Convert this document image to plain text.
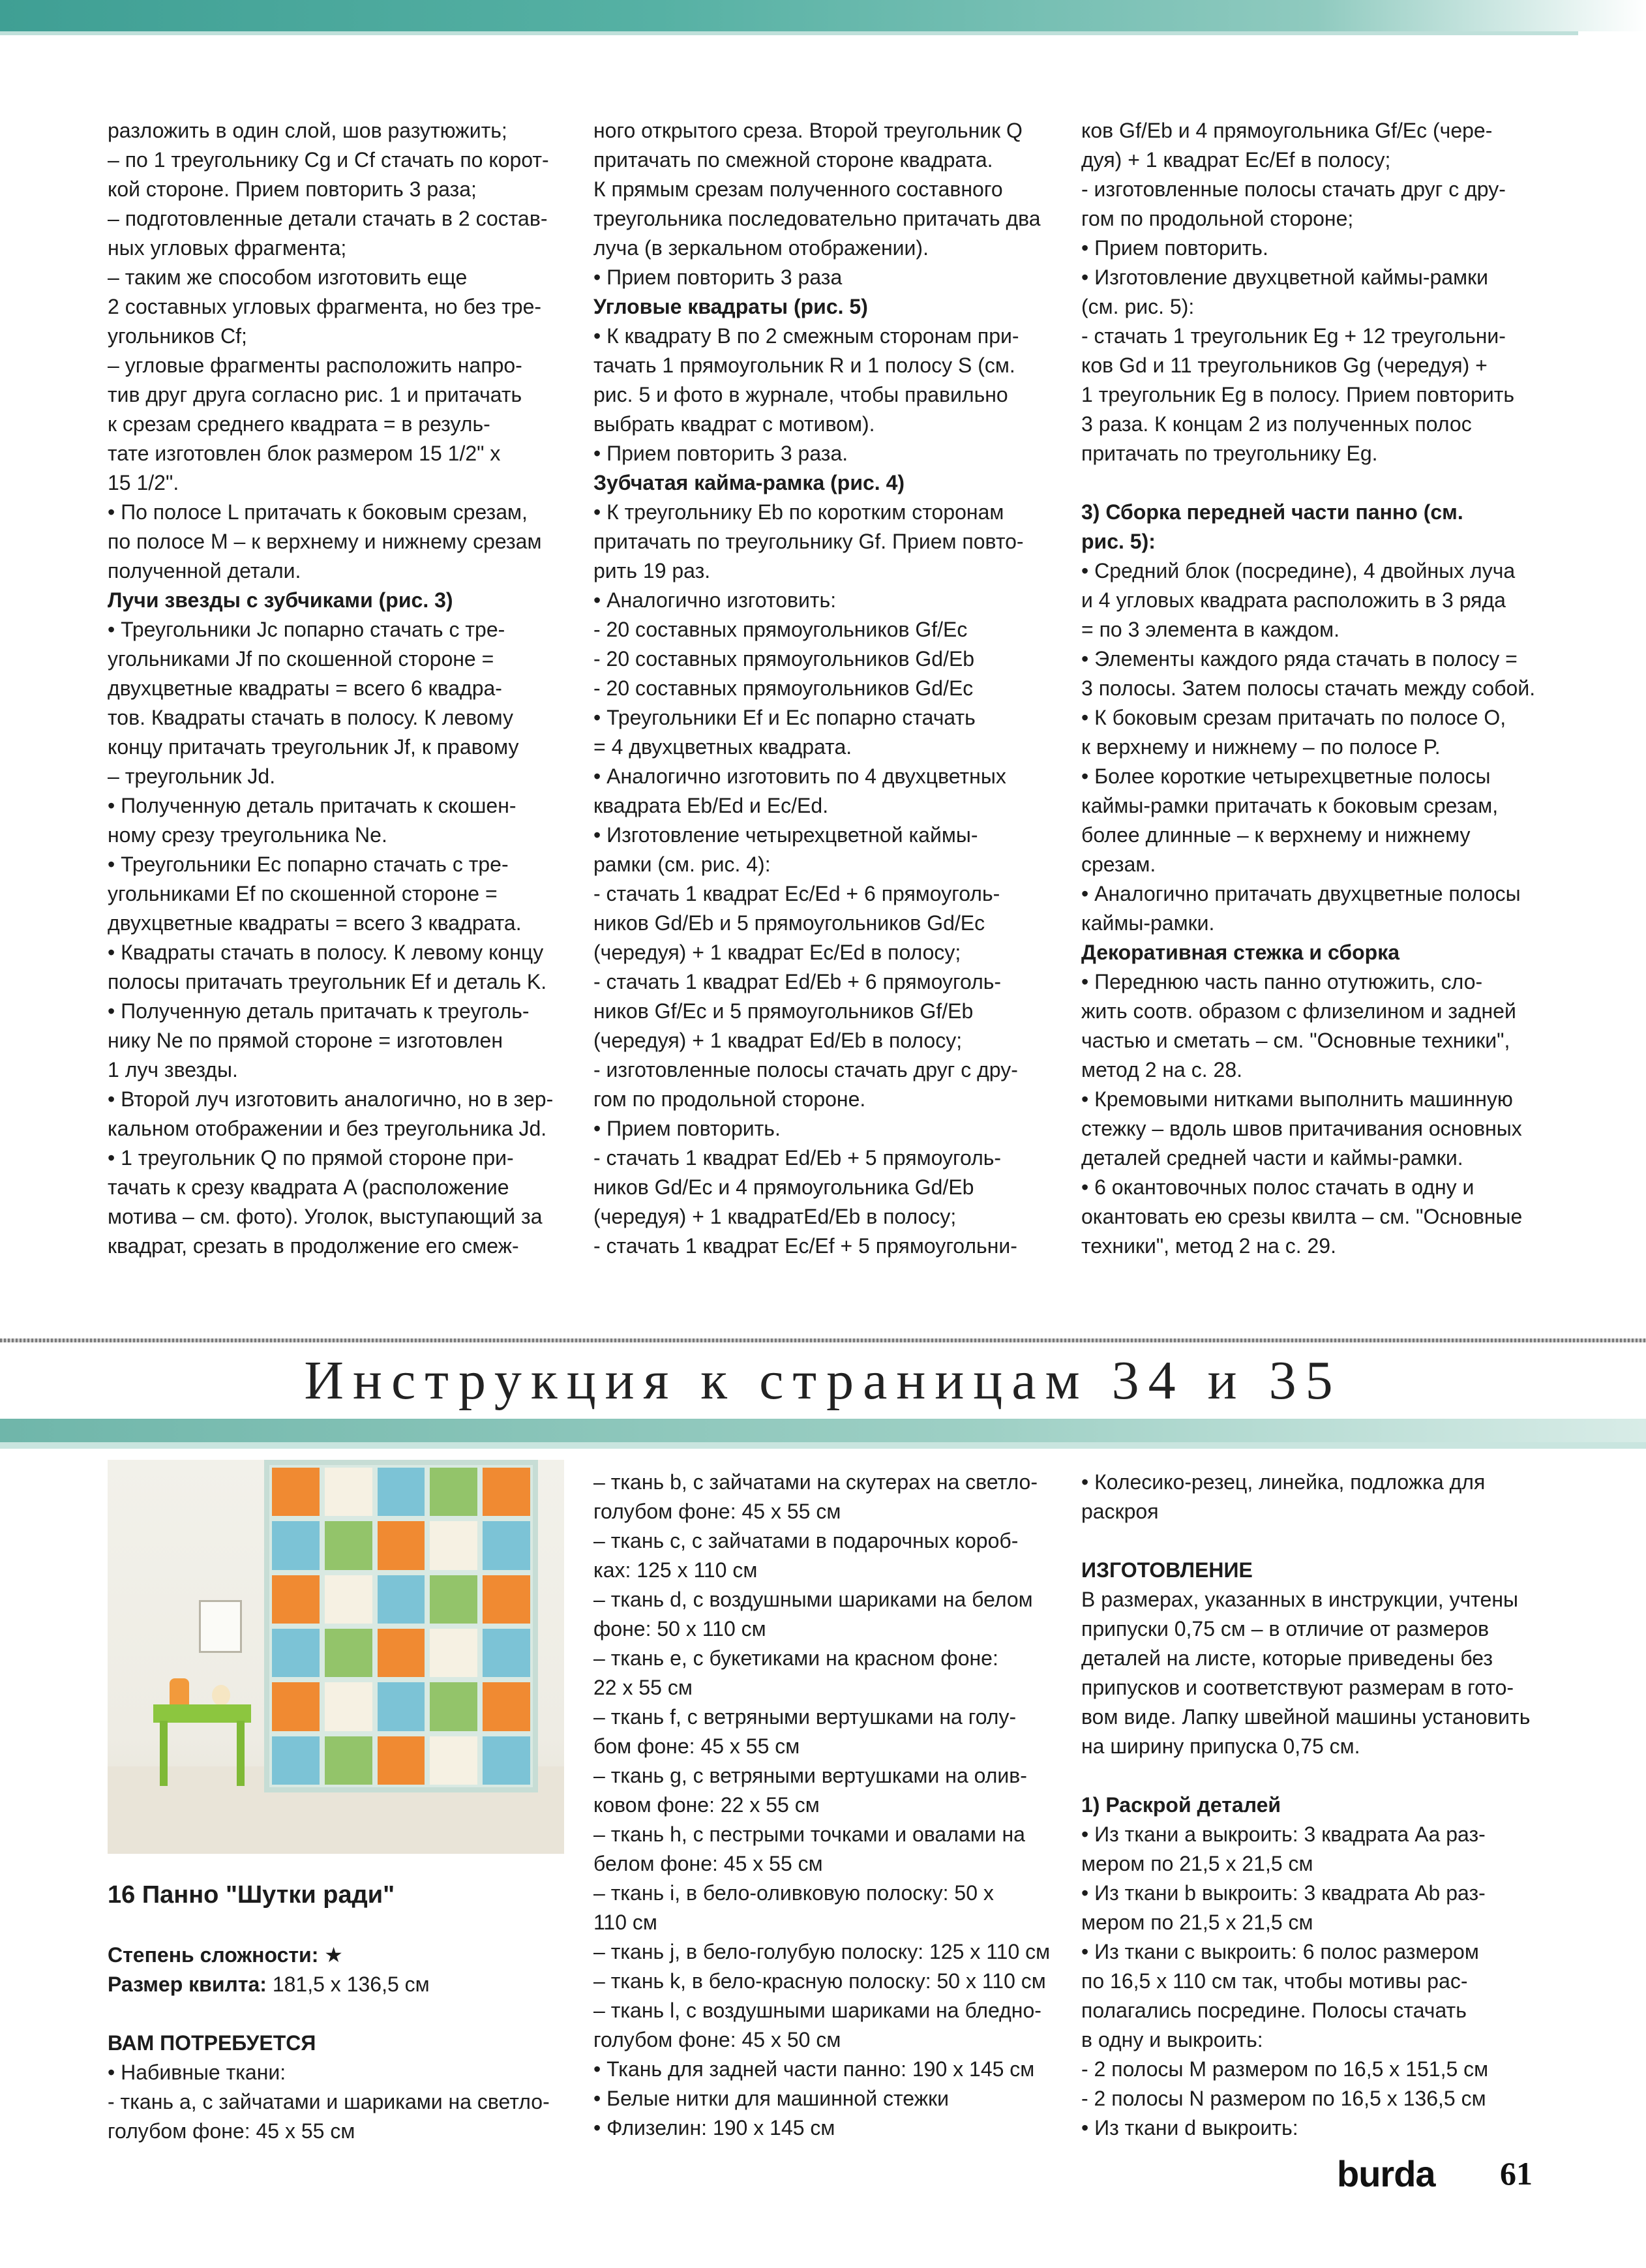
разложить в один слой, шов разутюжить;

– по 1 треугольнику Cg и Cf стачать по корот-

кой стороне. Прием повторить 3 раза;

– подготовленные детали стачать в 2 состав-

ных угловых фрагмента;

– таким же способом изготовить еще

2 составных угловых фрагмента, но без тре-

угольников Cf;

– угловые фрагменты расположить напро-

тив друг друга согласно рис. 1 и притачать

к срезам среднего квадрата = в резуль-

тате изготовлен блок размером 15 1/2" x

15 1/2".

• По полосе L притачать к боковым срезам,

по полосе M – к верхнему и нижнему срезам

полученной детали.

Лучи звезды с зубчиками (рис. 3)

• Треугольники Jc попарно стачать с тре-

угольниками Jf по скошенной стороне =

двухцветные квадраты = всего 6 квадра-

тов. Квадраты стачать в полосу. К левому

концу притачать треугольник Jf, к правому

– треугольник Jd.

• Полученную деталь притачать к скошен-

ному срезу треугольника Ne.

• Треугольники Ec попарно стачать с тре-

угольниками Ef по скошенной стороне =

двухцветные квадраты = всего 3 квадрата.

• Квадраты стачать в полосу. К левому концу

полосы притачать треугольник Ef и деталь K.

• Полученную деталь притачать к треуголь-

нику Ne по прямой стороне = изготовлен

1 луч звезды.

• Второй луч изготовить аналогично, но в зер-

кальном отображении и без треугольника Jd.

• 1 треугольник Q по прямой стороне при-

тачать к срезу квадрата A (расположение

мотива – см. фото). Уголок, выступающий за

квадрат, срезать в продолжение его смеж-

ного открытого среза. Второй треугольник Q

притачать по смежной стороне квадрата.

К прямым срезам полученного составного

треугольника последовательно притачать два

луча (в зеркальном отображении).

• Прием повторить 3 раза

Угловые квадраты (рис. 5)

• К квадрату B по 2 смежным сторонам при-

тачать 1 прямоугольник R и 1 полосу S (см.

рис. 5 и фото в журнале, чтобы правильно

выбрать квадрат с мотивом).

• Прием повторить 3 раза.

Зубчатая кайма-рамка (рис. 4)

• К треугольнику Eb по коротким сторонам

притачать по треугольнику Gf. Прием повто-

рить 19 раз.

• Аналогично изготовить:

- 20 составных прямоугольников Gf/Ec

- 20 составных прямоугольников Gd/Eb

- 20 составных прямоугольников Gd/Ec

• Треугольники Ef и Ec попарно стачать

= 4 двухцветных квадрата.

• Аналогично изготовить по 4 двухцветных

квадрата Eb/Ed и Ec/Ed.

• Изготовление четырехцветной каймы-

рамки (см. рис. 4):

- стачать 1 квадрат Ec/Ed + 6 прямоуголь-

ников Gd/Eb и 5 прямоугольников Gd/Ec

(чередуя) + 1 квадрат Ec/Ed в полосу;

- стачать 1 квадрат Ed/Eb + 6 прямоуголь-

ников Gf/Ec и 5 прямоугольников Gf/Eb

(чередуя) + 1 квадрат Ed/Eb в полосу;

- изготовленные полосы стачать друг с дру-

гом по продольной стороне.

• Прием повторить.

- стачать 1 квадрат Ed/Eb + 5 прямоуголь-

ников Gd/Ec и 4 прямоугольника Gd/Eb

(чередуя) + 1 квадратEd/Eb в полосу;

- стачать 1 квадрат Ec/Ef + 5 прямоугольни-

ков Gf/Eb и 4 прямоугольника Gf/Ec (чере-

дуя) + 1 квадрат Ec/Ef в полосу;

- изготовленные полосы стачать друг с дру-

гом по продольной стороне;

• Прием повторить.

• Изготовление двухцветной каймы-рамки

(см. рис. 5):

- стачать 1 треугольник Eg + 12 треугольни-

ков Gd и 11 треугольников Gg (чередуя) +

1 треугольник Eg в полосу. Прием повторить

3 раза. К концам 2 из полученных полос

притачать по треугольнику Eg.

3) Сборка передней части панно (см.

рис. 5):

• Средний блок (посредине), 4 двойных луча

и 4 угловых квадрата расположить в 3 ряда

= по 3 элемента в каждом.

• Элементы каждого ряда стачать в полосу =

3 полосы. Затем полосы стачать между собой.

• К боковым срезам притачать по полосе O,

к верхнему и нижнему – по полосе P.

• Более короткие четырехцветные полосы

каймы-рамки притачать к боковым срезам,

более длинные – к верхнему и нижнему

срезам.

• Аналогично притачать двухцветные полосы

каймы-рамки.

Декоративная стежка и сборка

• Переднюю часть панно отутюжить, сло-

жить соотв. образом с флизелином и задней

частью и сметать – см. "Основные техники",

метод 2 на с. 28.

• Кремовыми нитками выполнить машинную

стежку – вдоль швов притачивания основных

деталей средней части и каймы-рамки.

• 6 окантовочных полос стачать в одну и

окантовать ею срезы квилта – см. "Основные

техники", метод 2 на с. 29.

Инструкция к страницам 34 и 35

16 Панно "Шутки ради"

Степень сложности: ★

Размер квилта: 181,5 x 136,5 см

ВАМ ПОТРЕБУЕТСЯ

• Набивные ткани:

- ткань a, с зайчатами и шариками на светло-

голубом фоне: 45 x 55 см

– ткань b, с зайчатами на скутерах на светло-

голубом фоне: 45 x 55 см

– ткань c, с зайчатами в подарочных короб-

ках: 125 x 110 см

– ткань d, с воздушными шариками на белом

фоне: 50 x 110 см

– ткань e, с букетиками на красном фоне:

22 x 55 см

– ткань f, с ветряными вертушками на голу-

бом фоне: 45 x 55 см

– ткань g, с ветряными вертушками на олив-

ковом фоне: 22 x 55 см

– ткань h, с пестрыми точками и овалами на

белом фоне: 45 x 55 см

– ткань i, в бело-оливковую полоску: 50 x

110 см

– ткань j, в бело-голубую полоску: 125 x 110 см

– ткань k, в бело-красную полоску: 50 x 110 см

– ткань l, с воздушными шариками на бледно-

голубом фоне: 45 x 50 см

• Ткань для задней части панно: 190 x 145 см

• Белые нитки для машинной стежки

• Флизелин: 190 x 145 см

• Колесико-резец, линейка, подложка для

раскроя

ИЗГОТОВЛЕНИЕ

В размерах, указанных в инструкции, учтены

припуски 0,75 см – в отличие от размеров

деталей на листе, которые приведены без

припусков и соответствуют размерам в гото-

вом виде. Лапку швейной машины установить

на ширину припуска 0,75 см.

1) Раскрой деталей

• Из ткани a выкроить: 3 квадрата Aa раз-

мером по 21,5 x 21,5 см

• Из ткани b выкроить: 3 квадрата Ab раз-

мером по 21,5 x 21,5 см

• Из ткани c выкроить: 6 полос размером

по 16,5 x 110 см так, чтобы мотивы рас-

полагались посредине. Полосы стачать

в одну и выкроить:

- 2 полосы M размером по 16,5 x 151,5 см

- 2 полосы N размером по 16,5 x 136,5 см

• Из ткани d выкроить:

burda 61
